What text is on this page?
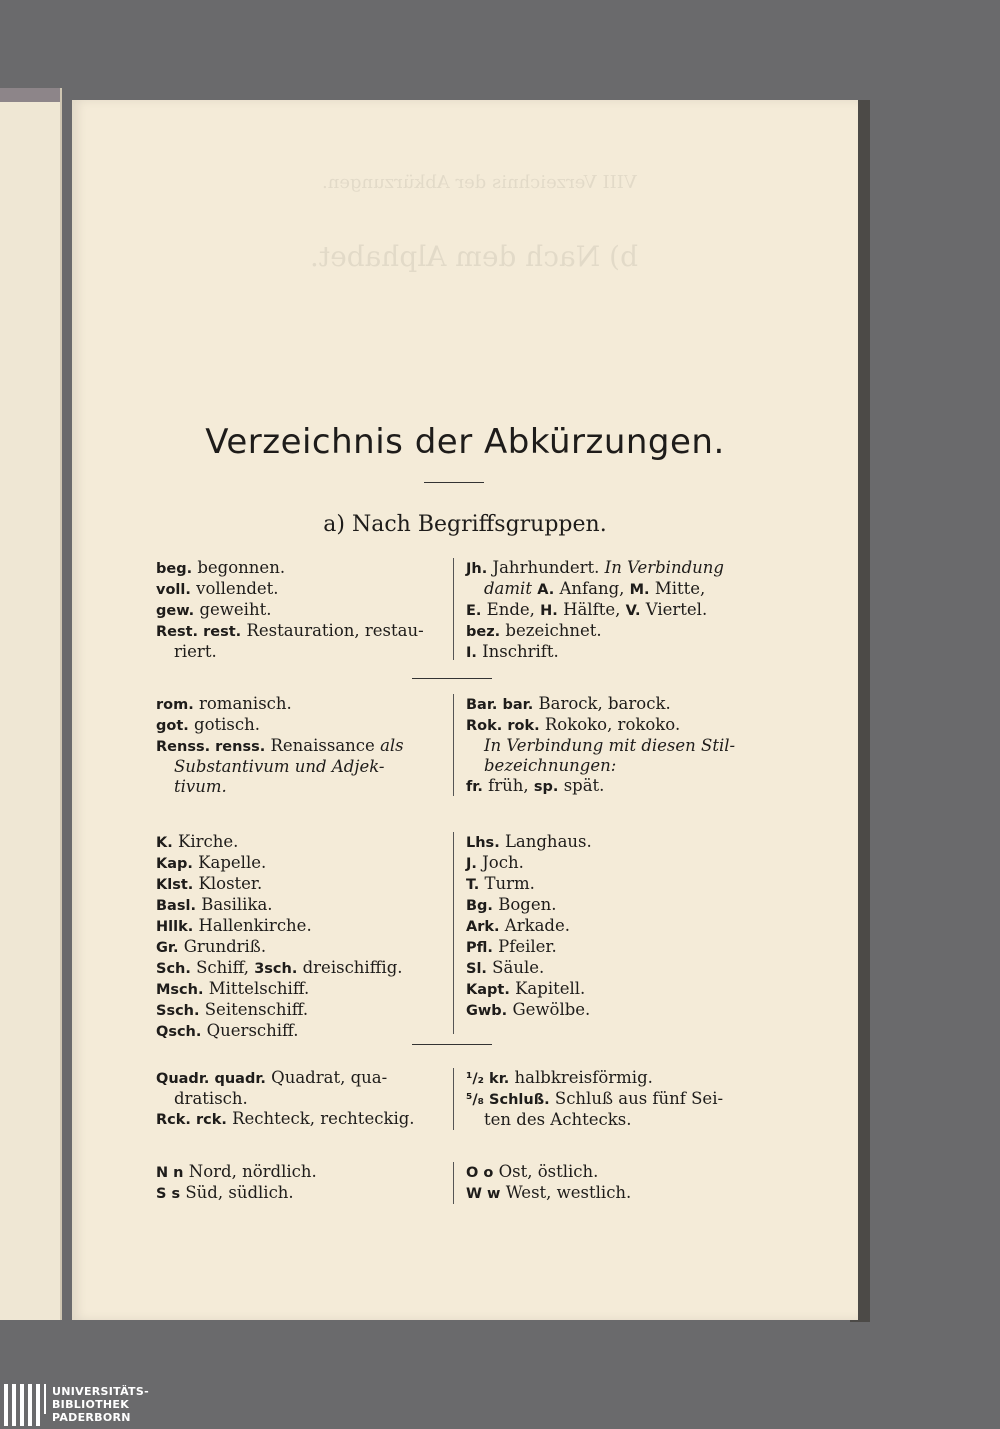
VIII Verzeichnis der Abkürzungen.
b) Nach dem Alphabet.
Verzeichnis der Abkürzungen.
a) Nach Begriffsgruppen.
beg. begonnen.
voll. vollendet.
gew. geweiht.
Rest. rest. Restauration, restau-
riert.
Jh. Jahrhundert. In Verbindung
damit A. Anfang, M. Mitte,
E. Ende, H. Hälfte, V. Viertel.
bez. bezeichnet.
I. Inschrift.
rom. romanisch.
got. gotisch.
Renss. renss. Renaissance als
Substantivum und Adjek-
tivum.
Bar. bar. Barock, barock.
Rok. rok. Rokoko, rokoko.
In Verbindung mit diesen Stil-
bezeichnungen:
fr. früh, sp. spät.
K. Kirche.
Kap. Kapelle.
Klst. Kloster.
Basl. Basilika.
Hllk. Hallenkirche.
Gr. Grundriß.
Sch. Schiff, 3sch. dreischiffig.
Msch. Mittelschiff.
Ssch. Seitenschiff.
Qsch. Querschiff.
Lhs. Langhaus.
J. Joch.
T. Turm.
Bg. Bogen.
Ark. Arkade.
Pfl. Pfeiler.
Sl. Säule.
Kapt. Kapitell.
Gwb. Gewölbe.
Quadr. quadr. Quadrat, qua-
dratisch.
Rck. rck. Rechteck, rechteckig.
¹/₂ kr. halbkreisförmig.
⁵/₈ Schluß. Schluß aus fünf Sei-
ten des Achtecks.
N n Nord, nördlich.
S s Süd, südlich.
O o Ost, östlich.
W w West, westlich.
UNIVERSITÄTS-
BIBLIOTHEK
PADERBORN
